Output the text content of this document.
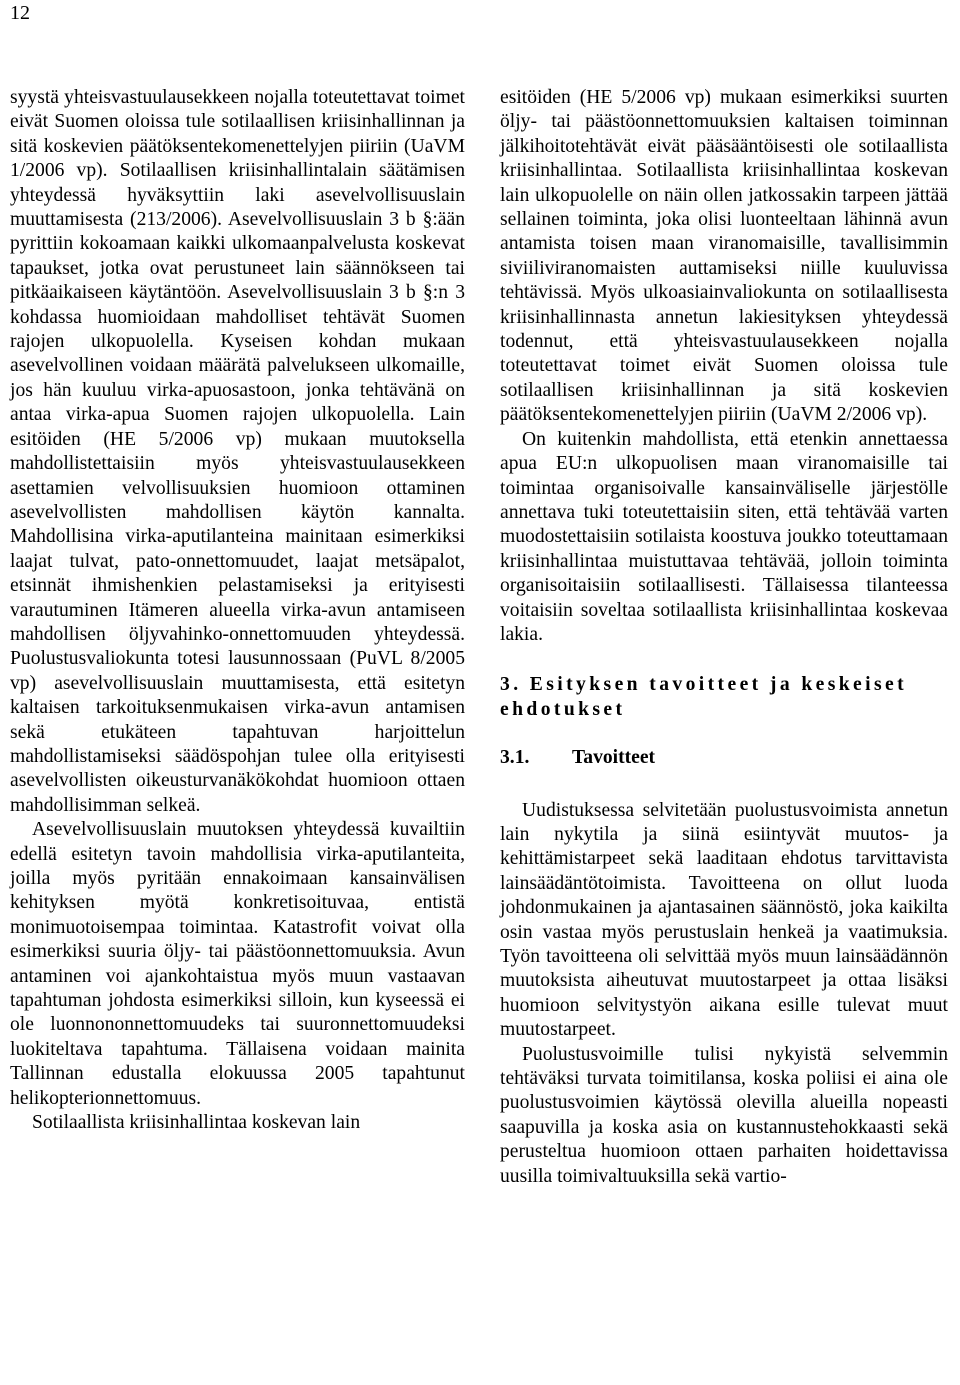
12

syystä yhteisvastuulausekkeen nojalla toteutettavat toimet eivät Suomen oloissa tule sotilaallisen kriisinhallinnan ja sitä koskevien päätöksentekomenettelyjen piiriin (UaVM 1/2006 vp). Sotilaallisen kriisinhallintalain säätämisen yhteydessä hyväksyttiin laki asevelvollisuuslain muuttamisesta (213/2006). Asevelvollisuuslain 3 b §:ään pyrittiin kokoamaan kaikki ulkomaanpalvelusta koskevat tapaukset, jotka ovat perustuneet lain säännökseen tai pitkäaikaiseen käytäntöön. Asevelvollisuuslain 3 b §:n 3 kohdassa huomioidaan mahdolliset tehtävät Suomen rajojen ulkopuolella. Kyseisen kohdan mukaan asevelvollinen voidaan määrätä palvelukseen ulkomaille, jos hän kuuluu virka-apuosastoon, jonka tehtävänä on antaa virka-apua Suomen rajojen ulkopuolella. Lain esitöiden (HE 5/2006 vp) mukaan muutoksella mahdollistettaisiin myös yhteisvastuulausekkeen asettamien velvollisuuksien huomioon ottaminen asevelvollisten mahdollisen käytön kannalta. Mahdollisina virka-aputilanteina mainitaan esimerkiksi laajat tulvat, pato-onnettomuudet, laajat metsäpalot, etsinnät ihmishenkien pelastamiseksi ja erityisesti varautuminen Itämeren alueella virka-avun antamiseen mahdollisen öljyvahinko-onnettomuuden yhteydessä. Puolustusvaliokunta totesi lausunnossaan (PuVL 8/2005 vp) asevelvollisuuslain muuttamisesta, että esitetyn kaltaisen tarkoituksenmukaisen virka-avun antamisen sekä etukäteen tapahtuvan harjoittelun mahdollistamiseksi säädöspohjan tulee olla erityisesti asevelvollisten oikeusturvanäkökohdat huomioon ottaen mahdollisimman selkeä.

Asevelvollisuuslain muutoksen yhteydessä kuvailtiin edellä esitetyn tavoin mahdollisia virka-aputilanteita, joilla myös pyritään ennakoimaan kansainvälisen kehityksen myötä konkretisoituvaa, entistä monimuotoisempaa toimintaa. Katastrofit voivat olla esimerkiksi suuria öljy- tai päästöonnettomuuksia. Avun antaminen voi ajankohtaistua myös muun vastaavan tapahtuman johdosta esimerkiksi silloin, kun kyseessä ei ole luonnononnettomuudeks tai suuronnettomuudeksi luokiteltava tapahtuma. Tällaisena voidaan mainita Tallinnan edustalla elokuussa 2005 tapahtunut helikopterionnettomuus.

Sotilaallista kriisinhallintaa koskevan lain

esitöiden (HE 5/2006 vp) mukaan esimerkiksi suurten öljy- tai päästöonnettomuuksien kaltaisen toiminnan jälkihoitotehtävät eivät pääsääntöisesti ole sotilaallista kriisinhallintaa. Sotilaallista kriisinhallintaa koskevan lain ulkopuolelle on näin ollen jatkossakin tarpeen jättää sellainen toiminta, joka olisi luonteeltaan lähinnä avun antamista toisen maan viranomaisille, tavallisimmin siviiliviranomaisten auttamiseksi niille kuuluvissa tehtävissä. Myös ulkoasiainvaliokunta on sotilaallisesta kriisinhallinnasta annetun lakiesityksen yhteydessä todennut, että yhteisvastuulausekkeen nojalla toteutettavat toimet eivät Suomen oloissa tule sotilaallisen kriisinhallinnan ja sitä koskevien päätöksentekomenettelyjen piiriin (UaVM 2/2006 vp).

On kuitenkin mahdollista, että etenkin annettaessa apua EU:n ulkopuolisen maan viranomaisille tai toimintaa organisoivalle kansainväliselle järjestölle annettava tuki toteutettaisiin siten, että tehtävää varten muodostettaisiin sotilaista koostuva joukko toteuttamaan kriisinhallintaa muistuttavaa tehtävää, jolloin toiminta organisoitaisiin sotilaallisesti. Tällaisessa tilanteessa voitaisiin soveltaa sotilaallista kriisinhallintaa koskevaa lakia.

3. Esityksen tavoitteet ja keskeiset ehdotukset
3.1. Tavoitteet

Uudistuksessa selvitetään puolustusvoimista annetun lain nykytila ja siinä esiintyvät muutos- ja kehittämistarpeet sekä laaditaan ehdotus tarvittavista lainsäädäntötoimista. Tavoitteena on ollut luoda johdonmukainen ja ajantasainen säännöstö, joka kaikilta osin vastaa myös perustuslain henkeä ja vaatimuksia. Työn tavoitteena oli selvittää myös muun lainsäädännön muutoksista aiheutuvat muutostarpeet ja ottaa lisäksi huomioon selvitystyön aikana esille tulevat muut muutostarpeet.

Puolustusvoimille tulisi nykyistä selvemmin tehtäväksi turvata toimitilansa, koska poliisi ei aina ole puolustusvoimien käytössä olevilla alueilla nopeasti saapuvilla ja koska asia on kustannustehokkaasti sekä perusteltua huomioon ottaen parhaiten hoidettavissa uusilla toimivaltuuksilla sekä vartio-
